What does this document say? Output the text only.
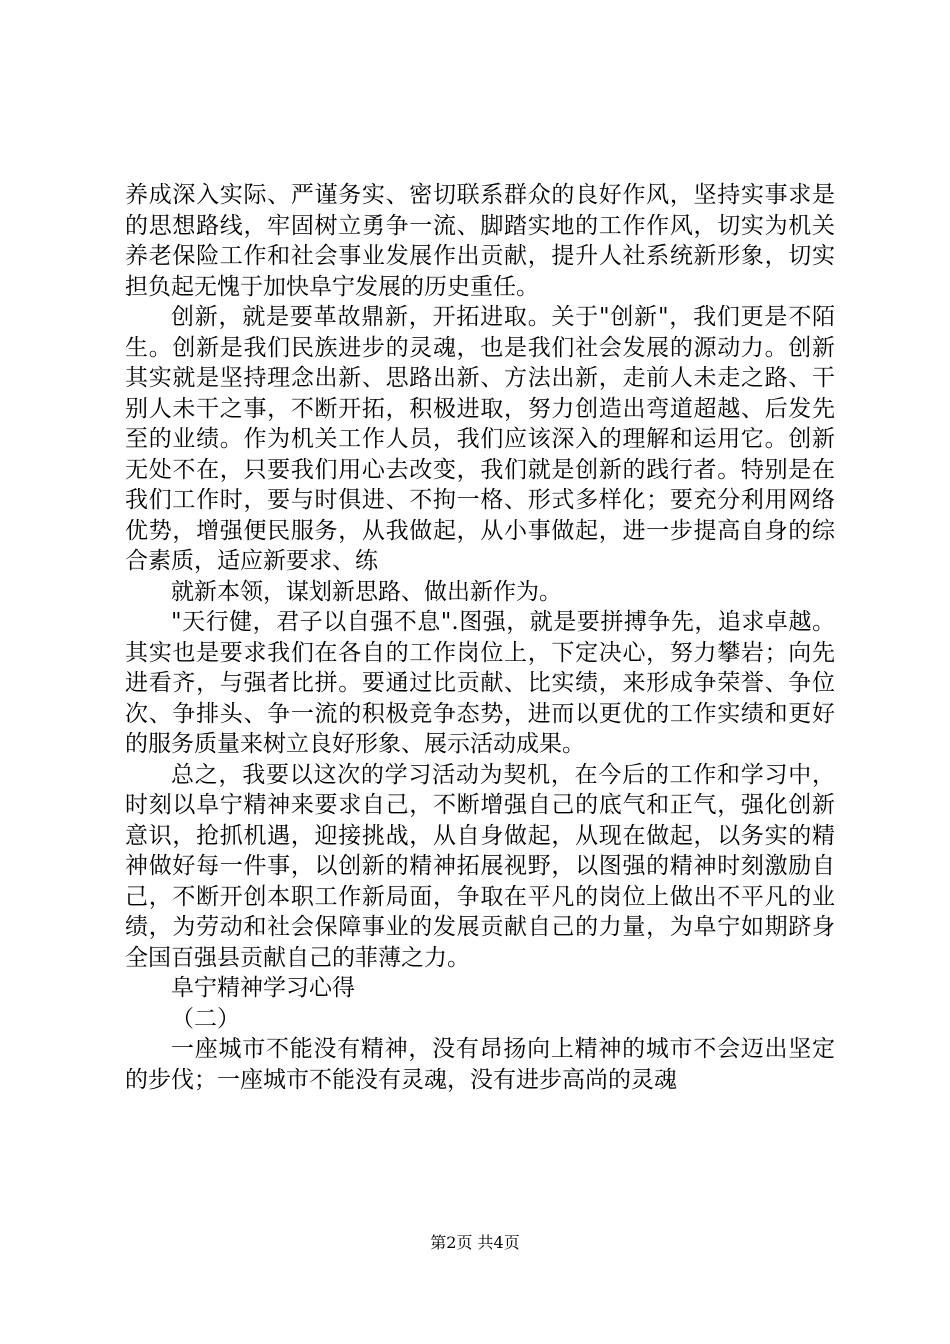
养成深入实际、严谨务实、密切联系群众的良好作风，坚持实事求是的思想路线，牢固树立勇争一流、脚踏实地的工作作风，切实为机关养老保险工作和社会事业发展作出贡献，提升人社系统新形象，切实担负起无愧于加快阜宁发展的历史重任。

创新，就是要革故鼎新，开拓进取。关于"创新"，我们更是不陌生。创新是我们民族进步的灵魂，也是我们社会发展的源动力。创新其实就是坚持理念出新、思路出新、方法出新，走前人未走之路、干别人未干之事，不断开拓，积极进取，努力创造出弯道超越、后发先至的业绩。作为机关工作人员，我们应该深入的理解和运用它。创新无处不在，只要我们用心去改变，我们就是创新的践行者。特别是在我们工作时，要与时俱进、不拘一格、形式多样化；要充分利用网络优势，增强便民服务，从我做起，从小事做起，进一步提高自身的综合素质，适应新要求、练

就新本领，谋划新思路、做出新作为。

"天行健，君子以自强不息".图强，就是要拼搏争先，追求卓越。其实也是要求我们在各自的工作岗位上，下定决心，努力攀岩；向先进看齐，与强者比拼。要通过比贡献、比实绩，来形成争荣誉、争位次、争排头、争一流的积极竞争态势，进而以更优的工作实绩和更好的服务质量来树立良好形象、展示活动成果。

总之，我要以这次的学习活动为契机，在今后的工作和学习中，时刻以阜宁精神来要求自己，不断增强自己的底气和正气，强化创新意识，抢抓机遇，迎接挑战，从自身做起，从现在做起，以务实的精神做好每一件事，以创新的精神拓展视野，以图强的精神时刻激励自己，不断开创本职工作新局面，争取在平凡的岗位上做出不平凡的业绩，为劳动和社会保障事业的发展贡献自己的力量，为阜宁如期跻身全国百强县贡献自己的菲薄之力。

阜宁精神学习心得

（二）

一座城市不能没有精神，没有昂扬向上精神的城市不会迈出坚定的步伐；一座城市不能没有灵魂，没有进步高尚的灵魂

第2页 共4页
